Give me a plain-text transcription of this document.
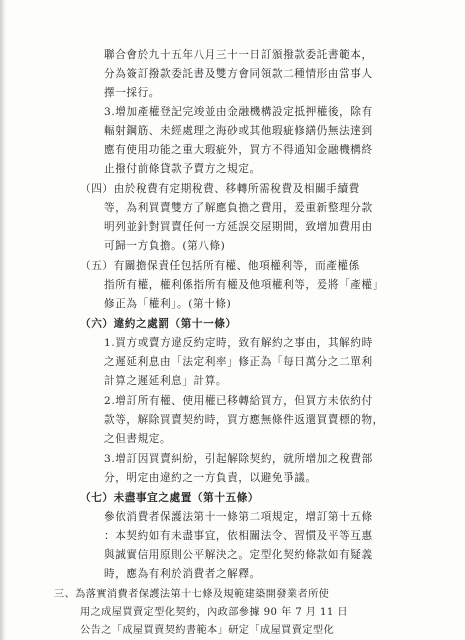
聯合會於九十五年八月三十一日訂頒撥款委託書範本，
分為簽訂撥款委託書及雙方會同領款二種情形由當事人
擇一採行。
3.增加產權登記完竣並由金融機構設定抵押權後，除有
輻射鋼筋、未經處理之海砂或其他瑕疵修繕仍無法達到
應有使用功能之重大瑕疵外，買方不得通知金融機構終
止撥付前條貸款予賣方之規定。
（四）由於稅費有定期稅費、移轉所需稅費及相關手續費
等，為利買賣雙方了解應負擔之費用，爰重新整理分款
明列並針對買賣任何一方延誤交屋期間，致增加費用由
可歸一方負擔。(第八條)
（五）有關擔保責任包括所有權、他項權利等，而產權係
指所有權，權利係指所有權及他項權利等，爰將「產權」
修正為「權利」。(第十條)
（六）違約之處罰（第十一條）
1.買方或賣方違反約定時，致有解約之事由，其解約時
之遲延利息由「法定利率」修正為「每日萬分之二單利
計算之遲延利息」計算。
2.增訂所有權、使用權已移轉給買方，但買方未依約付
款等，解除買賣契約時，買方應無條件返還買賣標的物，
之但書規定。
3.增訂因買賣糾紛，引起解除契約，就所增加之稅費部
分，明定由違約之一方負責，以避免爭議。
（七）未盡事宜之處置（第十五條）
參依消費者保護法第十一條第二項規定，增訂第十五條
：本契約如有未盡事宜，依相關法令、習慣及平等互惠
與誠實信用原則公平解決之。定型化契約條款如有疑義
時，應為有利於消費者之解釋。
三、為落實消費者保護法第十七條及規範建築開發業者所使
用之成屋買賣定型化契約，內政部參據 90 年 7 月 11 日
公告之「成屋買賣契約書範本」研定「成屋買賣定型化
